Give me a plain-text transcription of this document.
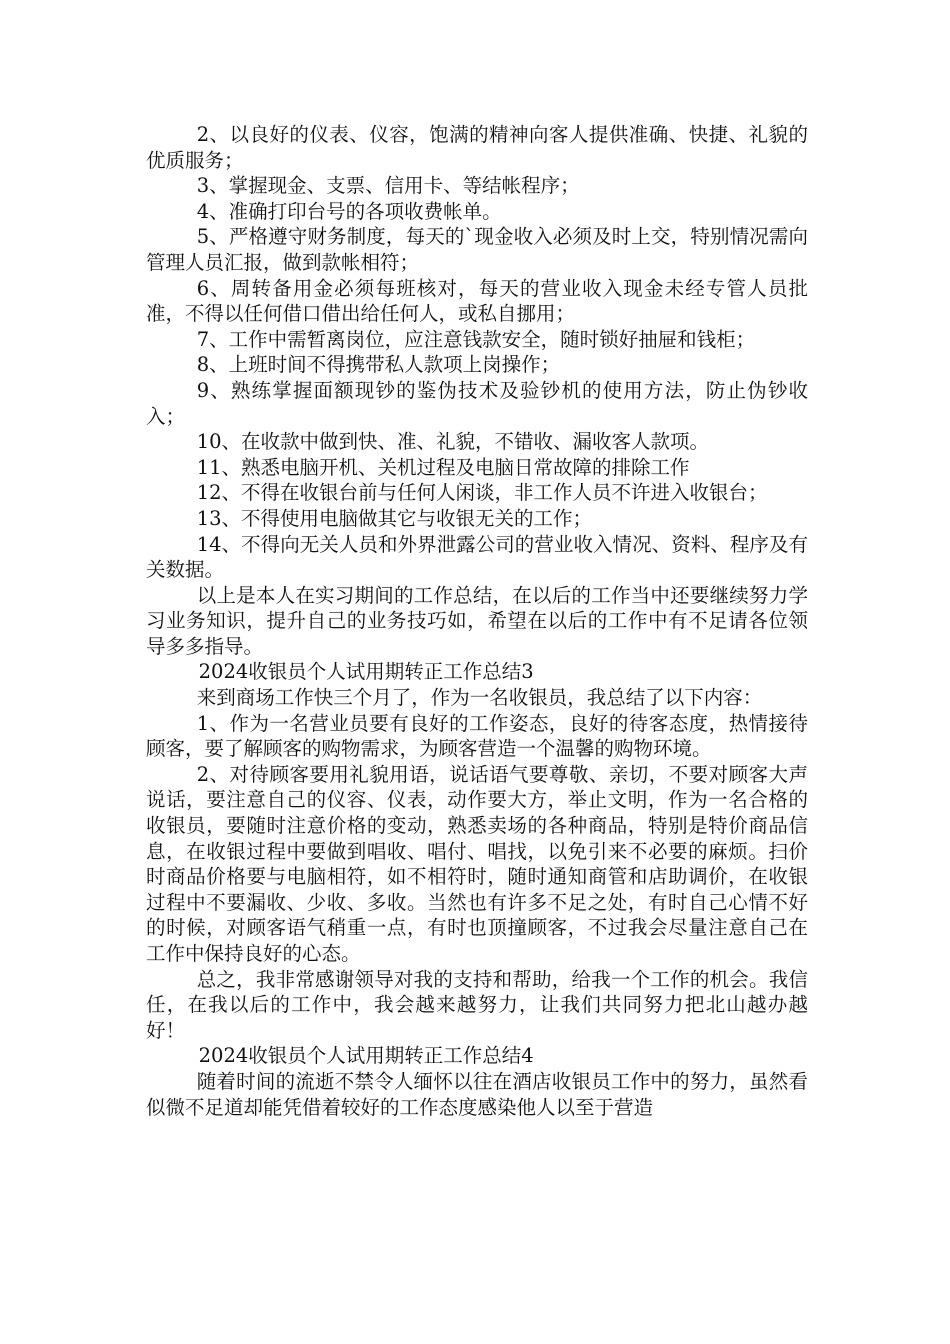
2、以良好的仪表、仪容，饱满的精神向客人提供准确、快捷、礼貌的优质服务；

3、掌握现金、支票、信用卡、等结帐程序；

4、准确打印台号的各项收费帐单。

5、严格遵守财务制度，每天的`现金收入必须及时上交，特别情况需向管理人员汇报，做到款帐相符；

6、周转备用金必须每班核对，每天的营业收入现金未经专管人员批准，不得以任何借口借出给任何人，或私自挪用；

7、工作中需暂离岗位，应注意钱款安全，随时锁好抽屉和钱柜；

8、上班时间不得携带私人款项上岗操作；

9、熟练掌握面额现钞的鉴伪技术及验钞机的使用方法，防止伪钞收入；

10、在收款中做到快、准、礼貌，不错收、漏收客人款项。

11、熟悉电脑开机、关机过程及电脑日常故障的排除工作

12、不得在收银台前与任何人闲谈，非工作人员不许进入收银台；

13、不得使用电脑做其它与收银无关的工作；

14、不得向无关人员和外界泄露公司的营业收入情况、资料、程序及有关数据。

以上是本人在实习期间的工作总结，在以后的工作当中还要继续努力学习业务知识，提升自己的业务技巧如，希望在以后的工作中有不足请各位领导多多指导。

2024收银员个人试用期转正工作总结3

来到商场工作快三个月了，作为一名收银员，我总结了以下内容：

1、作为一名营业员要有良好的工作姿态，良好的待客态度，热情接待顾客，要了解顾客的购物需求，为顾客营造一个温馨的购物环境。

2、对待顾客要用礼貌用语，说话语气要尊敬、亲切，不要对顾客大声说话，要注意自己的仪容、仪表，动作要大方，举止文明，作为一名合格的收银员，要随时注意价格的变动，熟悉卖场的各种商品，特别是特价商品信息，在收银过程中要做到唱收、唱付、唱找，以免引来不必要的麻烦。扫价时商品价格要与电脑相符，如不相符时，随时通知商管和店助调价，在收银过程中不要漏收、少收、多收。当然也有许多不足之处，有时自己心情不好的时候，对顾客语气稍重一点，有时也顶撞顾客，不过我会尽量注意自己在工作中保持良好的心态。

总之，我非常感谢领导对我的支持和帮助，给我一个工作的机会。我信任，在我以后的工作中，我会越来越努力，让我们共同努力把北山越办越好！

2024收银员个人试用期转正工作总结4

随着时间的流逝不禁令人缅怀以往在酒店收银员工作中的努力，虽然看似微不足道却能凭借着较好的工作态度感染他人以至于营造
